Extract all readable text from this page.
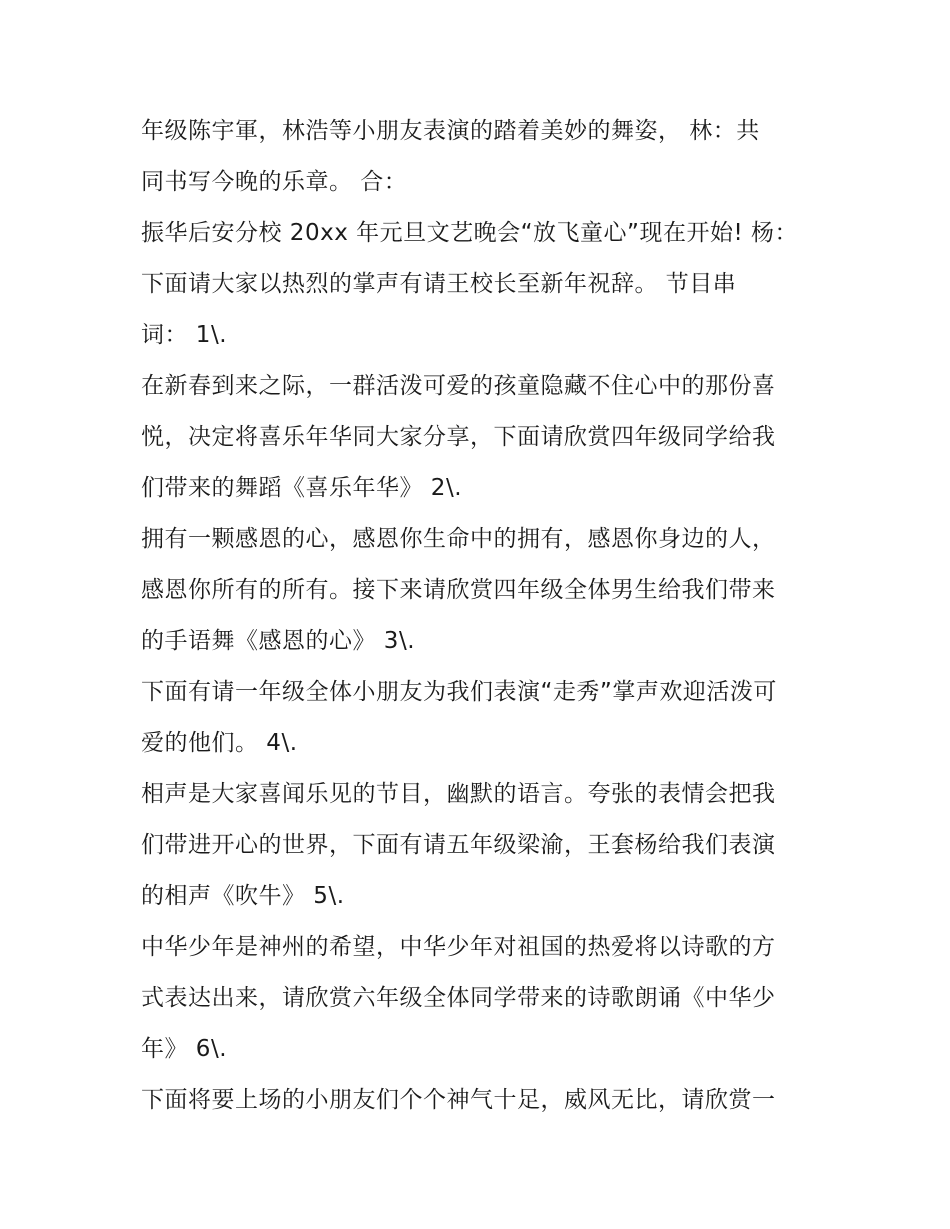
年级陈宇軍，林浩等小朋友表演的踏着美妙的舞姿， 林：共
同书写今晚的乐章。 合：
振华后安分校 20xx 年元旦文艺晚会“放飞童心”现在开始! 杨：
下面请大家以热烈的掌声有请王校长至新年祝辞。 节目串
词： 1\.
在新春到来之际，一群活泼可爱的孩童隐藏不住心中的那份喜
悦，决定将喜乐年华同大家分享，下面请欣赏四年级同学给我
们带来的舞蹈《喜乐年华》 2\.
拥有一颗感恩的心，感恩你生命中的拥有，感恩你身边的人，
感恩你所有的所有。接下来请欣赏四年级全体男生给我们带来
的手语舞《感恩的心》 3\.
下面有请一年级全体小朋友为我们表演“走秀”掌声欢迎活泼可
爱的他们。 4\.
相声是大家喜闻乐见的节目，幽默的语言。夸张的表情会把我
们带进开心的世界，下面有请五年级梁渝，王套杨给我们表演
的相声《吹牛》 5\.
中华少年是神州的希望，中华少年对祖国的热爱将以诗歌的方
式表达出来，请欣赏六年级全体同学带来的诗歌朗诵《中华少
年》 6\.
下面将要上场的小朋友们个个神气十足，威风无比，请欣赏一
